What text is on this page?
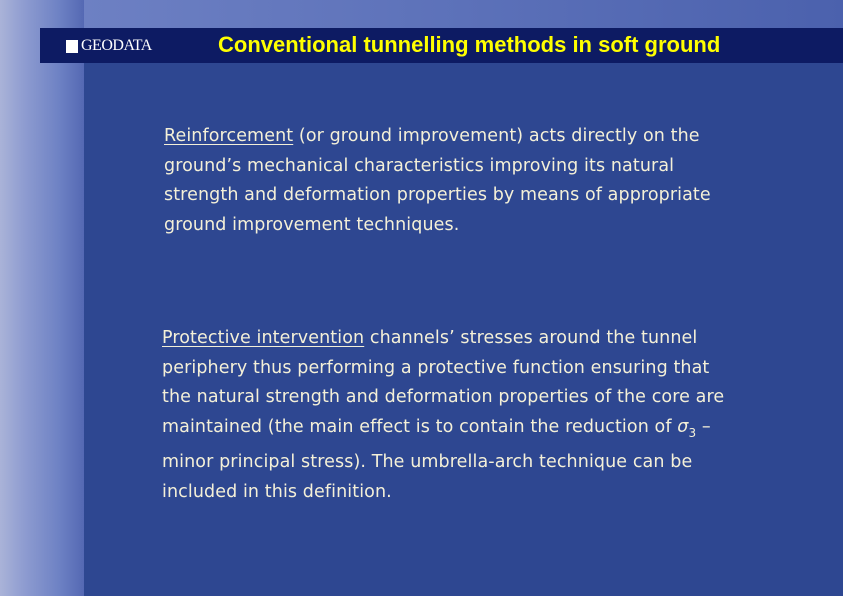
GEODATA	Conventional tunnelling methods in soft ground
Reinforcement (or ground improvement) acts directly on the ground’s mechanical characteristics improving its natural strength and deformation properties by means of appropriate ground improvement techniques.
Protective intervention channels’ stresses around the tunnel periphery thus performing a protective function ensuring that the natural strength and deformation properties of the core are maintained (the main effect is to contain the reduction of $\sigma_3$ – minor principal stress). The umbrella-arch technique can be included in this definition.
